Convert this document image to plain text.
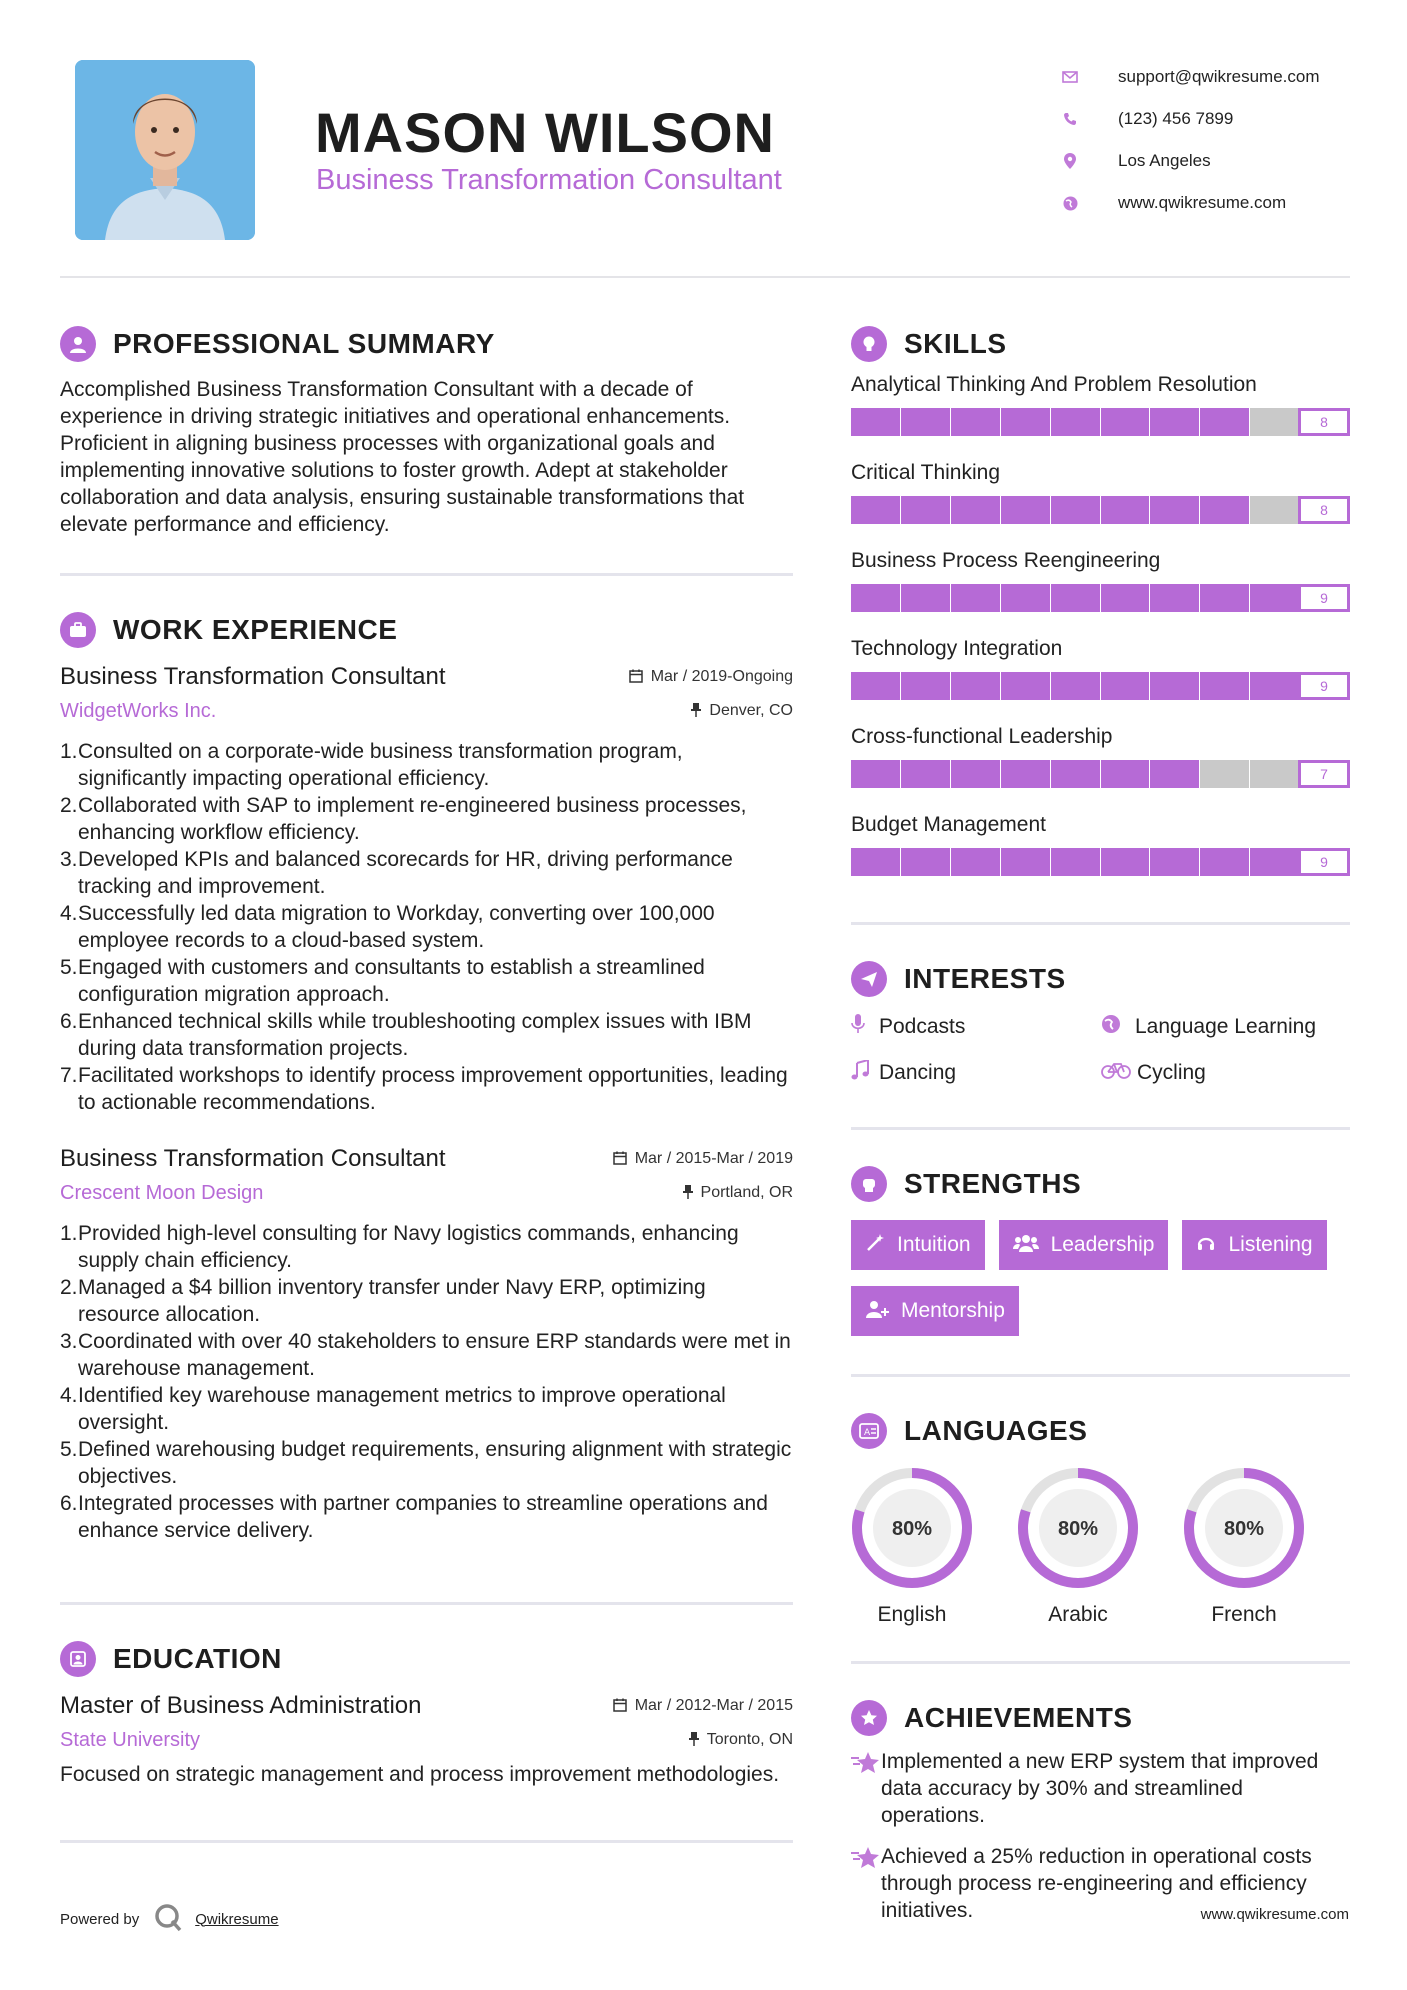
MASON WILSON
Business Transformation Consultant
support@qwikresume.com
(123) 456 7899
Los Angeles
www.qwikresume.com
PROFESSIONAL SUMMARY

Accomplished Business Transformation Consultant with a decade of experience in driving strategic initiatives and operational enhancements. Proficient in aligning business processes with organizational goals and implementing innovative solutions to foster growth. Adept at stakeholder collaboration and data analysis, ensuring sustainable transformations that elevate performance and efficiency.

WORK EXPERIENCE
Business Transformation Consultant	Mar / 2019-Ongoing
WidgetWorks Inc.	Denver, CO
1. Consulted on a corporate-wide business transformation program, significantly impacting operational efficiency.
2. Collaborated with SAP to implement re-engineered business processes, enhancing workflow efficiency.
3. Developed KPIs and balanced scorecards for HR, driving performance tracking and improvement.
4. Successfully led data migration to Workday, converting over 100,000 employee records to a cloud-based system.
5. Engaged with customers and consultants to establish a streamlined configuration migration approach.
6. Enhanced technical skills while troubleshooting complex issues with IBM during data transformation projects.
7. Facilitated workshops to identify process improvement opportunities, leading to actionable recommendations.
Business Transformation Consultant	Mar / 2015-Mar / 2019
Crescent Moon Design	Portland, OR
1. Provided high-level consulting for Navy logistics commands, enhancing supply chain efficiency.
2. Managed a $4 billion inventory transfer under Navy ERP, optimizing resource allocation.
3. Coordinated with over 40 stakeholders to ensure ERP standards were met in warehouse management.
4. Identified key warehouse management metrics to improve operational oversight.
5. Defined warehousing budget requirements, ensuring alignment with strategic objectives.
6. Integrated processes with partner companies to streamline operations and enhance service delivery.
EDUCATION
Master of Business Administration	Mar / 2012-Mar / 2015
State University	Toronto, ON

Focused on strategic management and process improvement methodologies.

SKILLS
Analytical Thinking And Problem Resolution
8
Critical Thinking
8
Business Process Reengineering
9
Technology Integration
9
Cross-functional Leadership
7
Budget Management
9
INTERESTS
Podcasts	Language Learning
Dancing	Cycling
STRENGTHS
Intuition	Leadership	Listening
Mentorship
A LANGUAGES
80%
English
80%
Arabic
80%
French
ACHIEVEMENTS
Implemented a new ERP system that improved data accuracy by 30% and streamlined operations.
Achieved a 25% reduction in operational costs through process re-engineering and efficiency initiatives.
Powered by	Qwikresume	www.qwikresume.com
